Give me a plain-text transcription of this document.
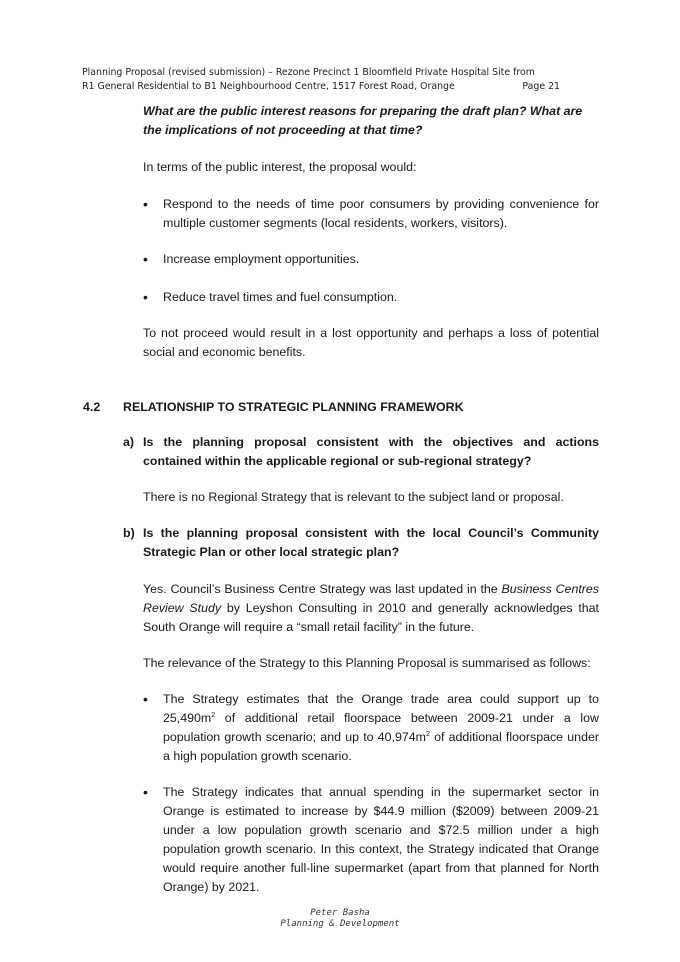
Planning Proposal (revised submission) – Rezone Precinct 1 Bloomfield Private Hospital Site from
R1 General Residential to B1 Neighbourhood Centre, 1517 Forest Road, Orange	Page 21
What are the public interest reasons for preparing the draft plan? What are the implications of not proceeding at that time?
In terms of the public interest, the proposal would:
• Respond to the needs of time poor consumers by providing convenience for multiple customer segments (local residents, workers, visitors).
• Increase employment opportunities.
• Reduce travel times and fuel consumption.
To not proceed would result in a lost opportunity and perhaps a loss of potential social and economic benefits.
4.2 RELATIONSHIP TO STRATEGIC PLANNING FRAMEWORK
a) Is the planning proposal consistent with the objectives and actions contained within the applicable regional or sub-regional strategy?
There is no Regional Strategy that is relevant to the subject land or proposal.
b) Is the planning proposal consistent with the local Council’s Community Strategic Plan or other local strategic plan?
Yes. Council’s Business Centre Strategy was last updated in the Business Centres Review Study by Leyshon Consulting in 2010 and generally acknowledges that South Orange will require a “small retail facility” in the future.
The relevance of the Strategy to this Planning Proposal is summarised as follows:
• The Strategy estimates that the Orange trade area could support up to $25,490m^2$ of additional retail floorspace between 2009-21 under a low population growth scenario; and up to $40,974m^2$ of additional floorspace under a high population growth scenario.
• The Strategy indicates that annual spending in the supermarket sector in Orange is estimated to increase by $44.9 million ($2009) between 2009-21 under a low population growth scenario and $72.5 million under a high population growth scenario. In this context, the Strategy indicated that Orange would require another full-line supermarket (apart from that planned for North Orange) by 2021.
Peter Basha
Planning & Development
